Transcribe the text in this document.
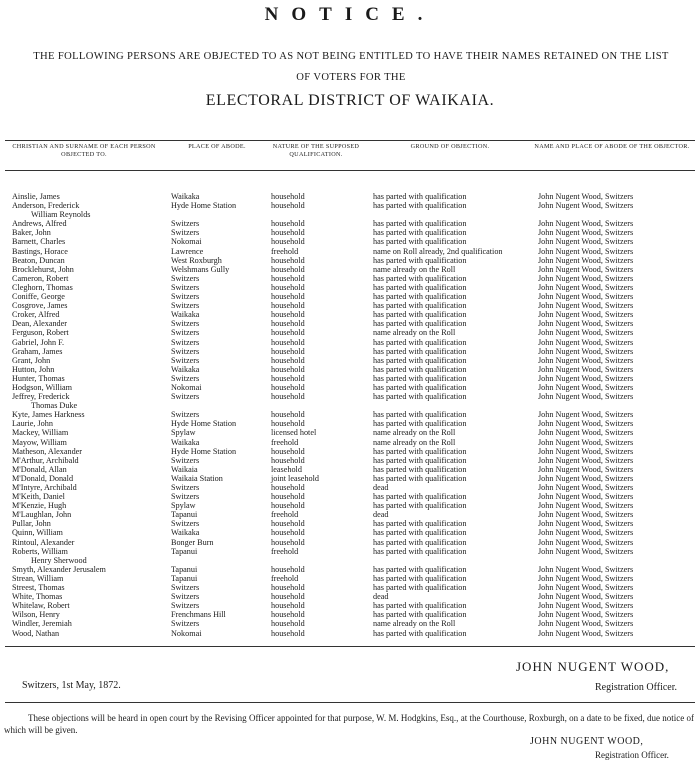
NOTICE.
THE FOLLOWING PERSONS ARE OBJECTED TO AS NOT BEING ENTITLED TO HAVE THEIR NAMES RETAINED ON THE LIST
OF VOTERS FOR THE
ELECTORAL DISTRICT OF WAIKAIA.
CHRISTIAN AND SURNAME OF EACH PERSON OBJECTED TO.
PLACE OF ABODE.	NATURE OF THE SUPPOSED QUALIFICATION.
GROUND OF OBJECTION.	NAME AND PLACE OF ABODE OF THE OBJECTOR.
Ainslie, James	Waikaka	household	has parted with qualification	John Nugent Wood, Switzers
Anderson, Frederick	Hyde Home Station	household	has parted with qualification	John Nugent Wood, Switzers
William Reynolds
Andrews, Alfred	Switzers	household	has parted with qualification	John Nugent Wood, Switzers
Baker, John	Switzers	household	has parted with qualification	John Nugent Wood, Switzers
Barnett, Charles	Nokomai	household	has parted with qualification	John Nugent Wood, Switzers
Bastings, Horace	Lawrence	freehold	name on Roll already, 2nd qualification	John Nugent Wood, Switzers
Beaton, Duncan	West Roxburgh	household	has parted with qualification	John Nugent Wood, Switzers
Brocklehurst, John	Welshmans Gully	household	name already on the Roll	John Nugent Wood, Switzers
Cameron, Robert	Switzers	household	has parted with qualification	John Nugent Wood, Switzers
Cleghorn, Thomas	Switzers	household	has parted with qualification	John Nugent Wood, Switzers
Coniffe, George	Switzers	household	has parted with qualification	John Nugent Wood, Switzers
Cosgrove, James	Switzers	household	has parted with qualification	John Nugent Wood, Switzers
Croker, Alfred	Waikaka	household	has parted with qualification	John Nugent Wood, Switzers
Dean, Alexander	Switzers	household	has parted with qualification	John Nugent Wood, Switzers
Ferguson, Robert	Switzers	household	name already on the Roll	John Nugent Wood, Switzers
Gabriel, John F.	Switzers	household	has parted with qualification	John Nugent Wood, Switzers
Graham, James	Switzers	household	has parted with qualification	John Nugent Wood, Switzers
Grant, John	Switzers	household	has parted with qualification	John Nugent Wood, Switzers
Hutton, John	Waikaka	household	has parted with qualification	John Nugent Wood, Switzers
Hunter, Thomas	Switzers	household	has parted with qualification	John Nugent Wood, Switzers
Hodgson, William	Nokomai	household	has parted with qualification	John Nugent Wood, Switzers
Jeffrey, Frederick	Switzers	household	has parted with qualification	John Nugent Wood, Switzers
Thomas Duke
Kyte, James Harkness	Switzers	household	has parted with qualification	John Nugent Wood, Switzers
Laurie, John	Hyde Home Station	household	has parted with qualification	John Nugent Wood, Switzers
Mackey, William	Spylaw	licensed hotel	name already on the Roll	John Nugent Wood, Switzers
Mayow, William	Waikaka	freehold	name already on the Roll	John Nugent Wood, Switzers
Matheson, Alexander	Hyde Home Station	household	has parted with qualification	John Nugent Wood, Switzers
M'Arthur, Archibald	Switzers	household	has parted with qualification	John Nugent Wood, Switzers
M'Donald, Allan	Waikaia	leasehold	has parted with qualification	John Nugent Wood, Switzers
M'Donald, Donald	Waikaia Station	joint leasehold	has parted with qualification	John Nugent Wood, Switzers
M'Intyre, Archibald	Switzers	household	dead	John Nugent Wood, Switzers
M'Keith, Daniel	Switzers	household	has parted with qualification	John Nugent Wood, Switzers
M'Kenzie, Hugh	Spylaw	household	has parted with qualification	John Nugent Wood, Switzers
M'Laughlan, John	Tapanui	freehold	dead	John Nugent Wood, Switzers
Pullar, John	Switzers	household	has parted with qualification	John Nugent Wood, Switzers
Quinn, William	Waikaka	household	has parted with qualification	John Nugent Wood, Switzers
Rintoul, Alexander	Bonger Burn	household	has parted with qualification	John Nugent Wood, Switzers
Roberts, William	Tapanui	freehold	has parted with qualification	John Nugent Wood, Switzers
Henry Sherwood
Smyth, Alexander Jerusalem	Tapanui	household	has parted with qualification	John Nugent Wood, Switzers
Strean, William	Tapanui	freehold	has parted with qualification	John Nugent Wood, Switzers
Streest, Thomas	Switzers	household	has parted with qualification	John Nugent Wood, Switzers
White, Thomas	Switzers	household	dead	John Nugent Wood, Switzers
Whitelaw, Robert	Switzers	household	has parted with qualification	John Nugent Wood, Switzers
Wilson, Henry	Frenchmans Hill	household	has parted with qualification	John Nugent Wood, Switzers
Windler, Jeremiah	Switzers	household	name already on the Roll	John Nugent Wood, Switzers
Wood, Nathan	Nokomai	household	has parted with qualification	John Nugent Wood, Switzers
JOHN NUGENT WOOD,
Switzers, 1st May, 1872.	Registration Officer.
These objections will be heard in open court by the Revising Officer appointed for that purpose, W. M. Hodgkins, Esq., at the Courthouse, Roxburgh, on a date to be fixed, due notice of which will be given.
JOHN NUGENT WOOD,
Registration Officer.
